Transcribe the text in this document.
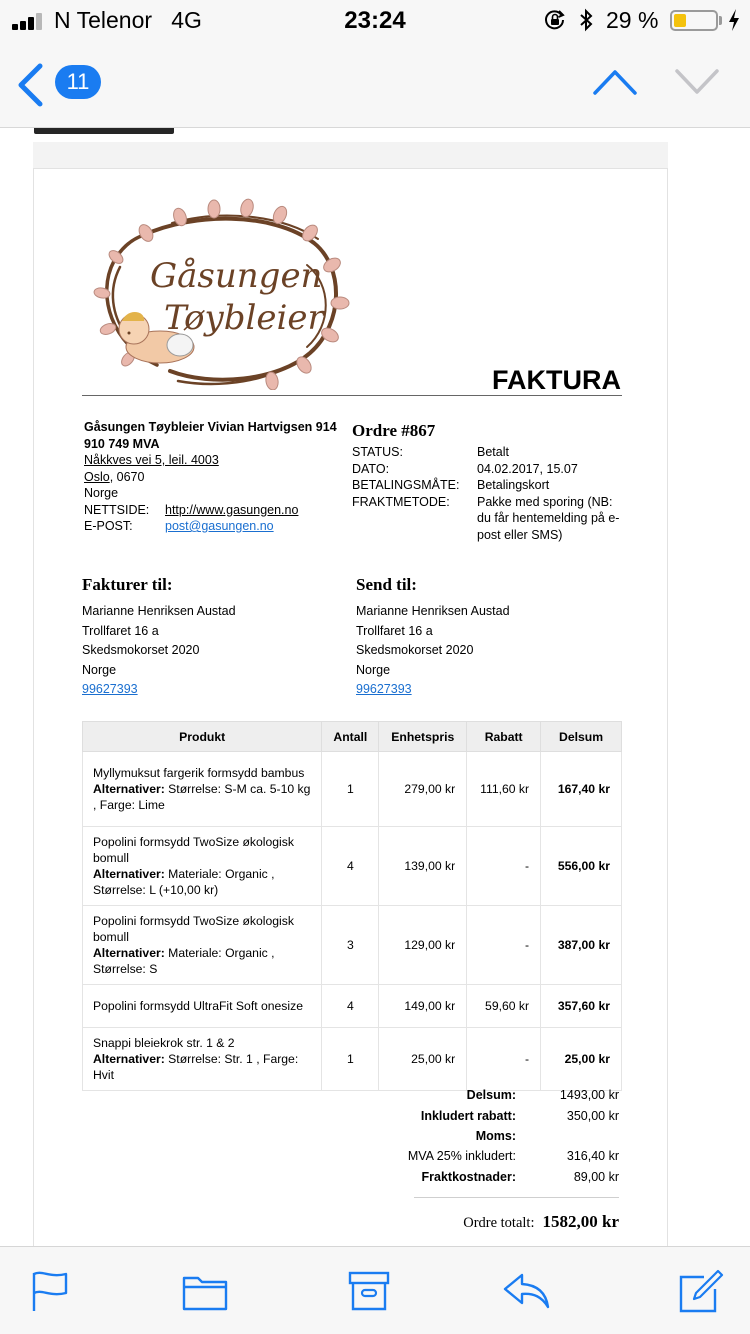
N Telenor 4G	23:24	29 %
11
Gåsungen
Tøybleier
FAKTURA
Gåsungen Tøybleier Vivian Hartvigsen 914 910 749 MVA
Nåkkves vei 5, leil. 4003
Oslo, 0670
Norge
NETTSIDE:	http://www.gasungen.no
E-POST:	post@gasungen.no
Ordre #867
STATUS:	Betalt
DATO:	04.02.2017, 15.07
BETALINGSMÅTE:	Betalingskort
FRAKTMETODE:	Pakke med sporing (NB: du får hentemelding på e-post eller SMS)
Fakturer til:
Marianne Henriksen Austad
Trollfaret 16 a
Skedsmokorset 2020
Norge
99627393
Send til:
Marianne Henriksen Austad
Trollfaret 16 a
Skedsmokorset 2020
Norge
99627393
Produkt	Antall	Enhetspris	Rabatt	Delsum

Myllymuksut fargerik formsydd bambus
Alternativer: Størrelse: S-M ca. 5-10 kg , Farge: Lime	1	279,00 kr	111,60 kr	167,40 kr

Popolini formsydd TwoSize økologisk bomull
Alternativer: Materiale: Organic , Størrelse: L (+10,00 kr)	4	139,00 kr	-	556,00 kr

Popolini formsydd TwoSize økologisk bomull
Alternativer: Materiale: Organic , Størrelse: S	3	129,00 kr	-	387,00 kr

Popolini formsydd UltraFit Soft onesize	4	149,00 kr	59,60 kr	357,60 kr

Snappi bleiekrok str. 1 & 2
Alternativer: Størrelse: Str. 1 , Farge: Hvit	1	25,00 kr	-	25,00 kr
Delsum:	1493,00 kr
Inkludert rabatt:	350,00 kr
Moms:
MVA 25% inkludert:	316,40 kr
Fraktkostnader:	89,00 kr
Ordre totalt: 1582,00 kr
